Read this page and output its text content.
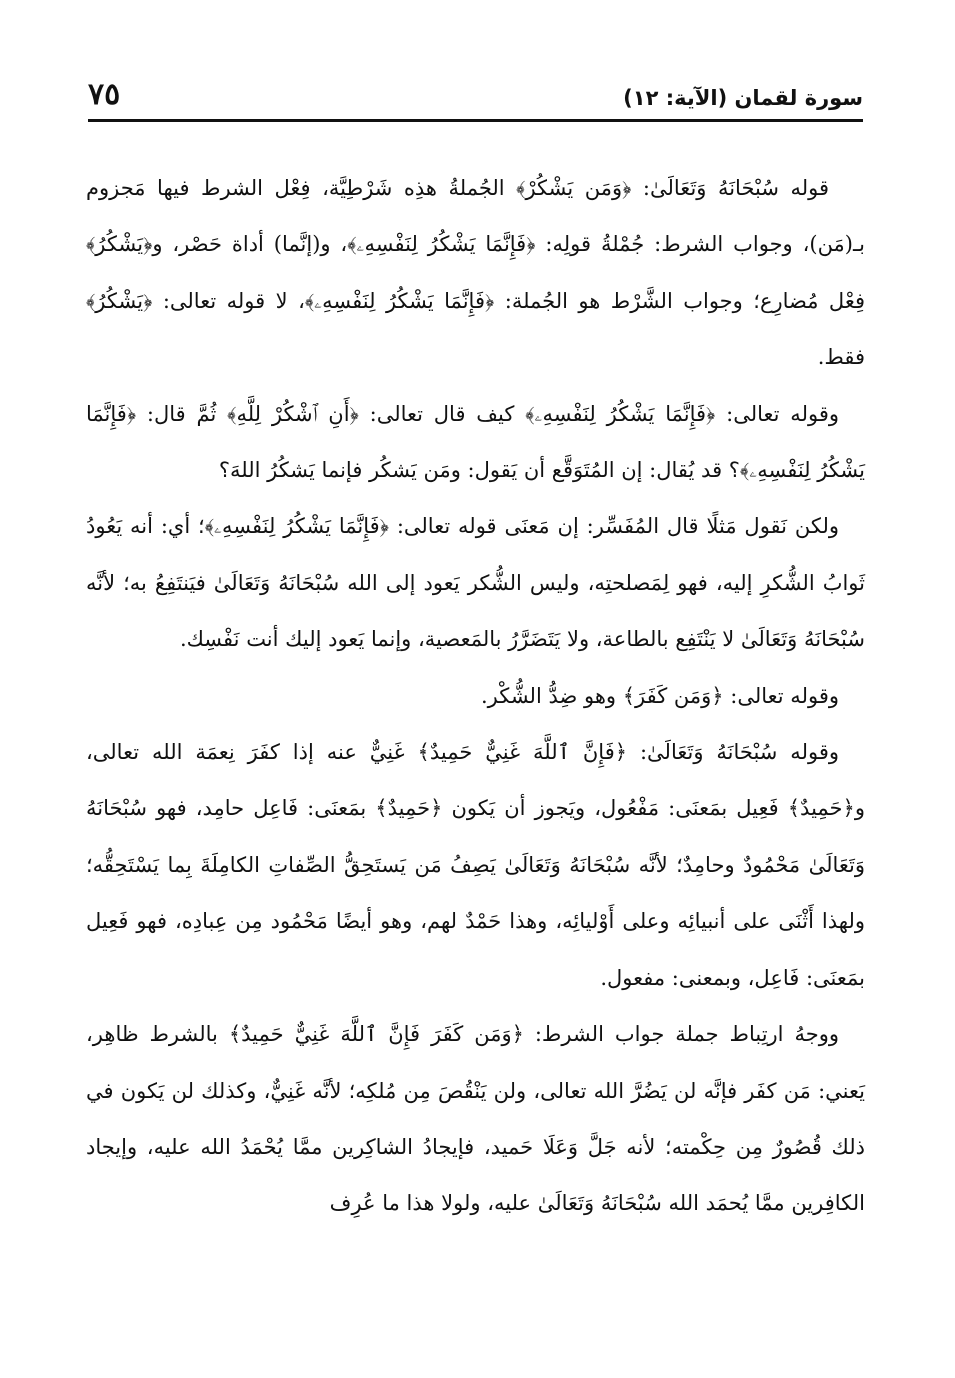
٧٥	سورة لقمان (الآية: ١٢)

قوله سُبْحَانَهُ وَتَعَالَىٰ: ﴿وَمَن يَشْكُرْ﴾ الجُملةُ هذِه شَرْطِيَّة، فِعْل الشرط فيها مَجزوم بـ(مَن)، وجواب الشرط: جُمْلةُ قولِه: ﴿فَإِنَّمَا يَشْكُرُ لِنَفْسِهِۦ﴾، و(إنَّما) أداة حَصْر، و﴿يَشْكُرُ﴾ فِعْل مُضارِع؛ وجواب الشَّرْط هو الجُملة: ﴿فَإِنَّمَا يَشْكُرُ لِنَفْسِهِۦ﴾، لا قوله تعالى: ﴿يَشْكُرُ﴾ فقط.

وقوله تعالى: ﴿فَإِنَّمَا يَشْكُرُ لِنَفْسِهِۦ﴾ كيف قال تعالى: ﴿أَنِ ٱشْكُرْ لِلَّهِ﴾ ثُمَّ قال: ﴿فَإِنَّمَا يَشْكُرُ لِنَفْسِهِۦ﴾؟ قد يُقال: إن المُتَوَقَّع أن يَقول: ومَن يَشكُر فإنما يَشكُرُ اللهَ؟

ولكن نَقول مَثلًا قال المُفَسِّر: إن مَعنَى قوله تعالى: ﴿فَإِنَّمَا يَشْكُرُ لِنَفْسِهِۦ﴾؛ أي: أنه يَعُودُ ثَوابُ الشُّكرِ إليه، فهو لِمَصلحتِه، وليس الشُّكر يَعود إلى الله سُبْحَانَهُ وَتَعَالَىٰ فيَنتَفِعُ به؛ لأنَّه سُبْحَانَهُ وَتَعَالَىٰ لا يَنْتَفِع بالطاعة، ولا يَتَضَرَّرُ بالمَعصية، وإنما يَعود إليك أنت نَفْسِك.

وقوله تعالى: ﴿وَمَن كَفَرَ﴾ وهو ضِدُّ الشُّكْر.

وقوله سُبْحَانَهُ وَتَعَالَىٰ: ﴿فَإِنَّ ٱللَّهَ غَنِيٌّ حَمِيدٌ﴾ غَنِيٌّ عنه إذا كفَرَ نِعمَة الله تعالى، و﴿حَمِيدٌ﴾ فَعِيل بمَعنَى: مَفْعُول، ويَجوز أن يَكون ﴿حَمِيدٌ﴾ بمَعنَى: فَاعِل حامِد، فهو سُبْحَانَهُ وَتَعَالَىٰ مَحْمُودٌ وحامِدٌ؛ لأنَّه سُبْحَانَهُ وَتَعَالَىٰ يَصِفُ مَن يَستَحِقُّ الصِّفاتِ الكامِلَةَ بِما يَسْتَحِقُّه؛ ولهذا أَثْنَى على أنبيائِه وعلى أَوْليائِه، وهذا حَمْدٌ لهم، وهو أيضًا مَحْمُود مِن عِبادِه، فهو فَعِيل بمَعنَى: فَاعِل، وبمعنى: مفعول.

ووجهُ ارتِباط جملة جواب الشرط: ﴿وَمَن كَفَرَ فَإِنَّ ٱللَّهَ غَنِيٌّ حَمِيدٌ﴾ بالشرط ظاهِر، يَعني: مَن كفَر فإنَّه لن يَضُرَّ الله تعالى، ولن يَنْقُصَ مِن مُلكِه؛ لأنَّه غَنِيٌّ، وكذلك لن يَكون في ذلك قُصُورٌ مِن حِكْمته؛ لأنه جَلَّ وَعَلَا حَميد، فإيجادُ الشاكِرين ممَّا يُحْمَدُ الله عليه، وإيجاد الكافِرين ممَّا يُحمَد الله سُبْحَانَهُ وَتَعَالَىٰ عليه، ولولا هذا ما عُرِف
